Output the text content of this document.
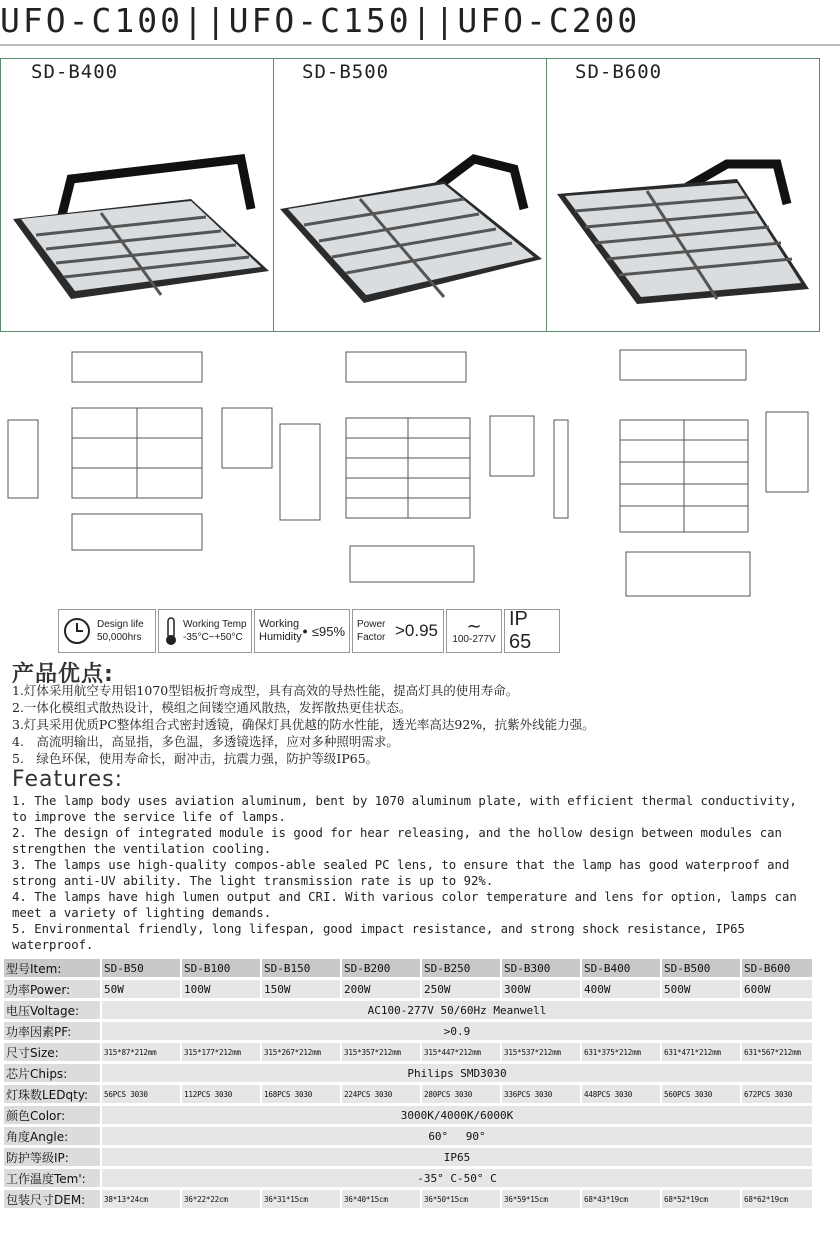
UFO-C100||UFO-C150||UFO-C200
SD-B400	SD-B500	SD-B600
Design life
50,000hrs
Working Temp
-35°C~+50°C
Working Humidity ● ≤95% Power Factor >0.95 ∼
100-277V
IP 65
产品优点:
1.灯体采用航空专用铝1070型铝板折弯成型，具有高效的导热性能，提高灯具的使用寿命。
2.一体化模组式散热设计，模组之间镂空通风散热，发挥散热更佳状态。
3.灯具采用优质PC整体组合式密封透镜，确保灯具优越的防水性能，透光率高达92%，抗紫外线能力强。
4.　高流明输出，高显指，多色温，多透镜选择，应对多种照明需求。
5.　绿色环保，使用寿命长，耐冲击，抗震力强，防护等级IP65。
Features:

1. The lamp body uses aviation aluminum, bent by 1070 aluminum plate, with efficient thermal conductivity, to improve the service life of lamps.

2. The design of integrated module is good for hear releasing, and the hollow design between modules can strengthen the ventilation cooling.

3. The lamps use high-quality compos-able sealed PC lens, to ensure that the lamp has good waterproof and strong anti-UV ability. The light transmission rate is up to 92%.

4. The lamps have high lumen output and CRI. With various color temperature and lens for option, lamps can meet a variety of lighting demands.

5. Environmental friendly, long lifespan, good impact resistance, and strong shock resistance, IP65 waterproof.

型号Item:	SD-B50	SD-B100	SD-B150	SD-B200	SD-B250	SD-B300	SD-B400	SD-B500	SD-B600
功率Power:	50W	100W	150W	200W	250W	300W	400W	500W	600W
电压Voltage:	AC100-277V 50/60Hz Meanwell								
功率因素PF:	>0.9								
尺寸Size:	315*87*212mm	315*177*212mm	315*267*212mm	315*357*212mm	315*447*212mm	315*537*212mm	631*375*212mm	631*471*212mm	631*567*212mm
芯片Chips:	Philips SMD3030								
灯珠数LEDqty:	56PCS 3030	112PCS 3030	168PCS 3030	224PCS 3030	280PCS 3030	336PCS 3030	448PCS 3030	560PCS 3030	672PCS 3030
颜色Color:	3000K/4000K/6000K								
角度Angle:	60°　 90°								
防护等级IP:	IP65								
工作温度Tem':	-35° C-50° C								
包装尺寸DEM:	38*13*24cm	36*22*22cm	36*31*15cm	36*40*15cm	36*50*15cm	36*59*15cm	68*43*19cm	68*52*19cm	68*62*19cm
